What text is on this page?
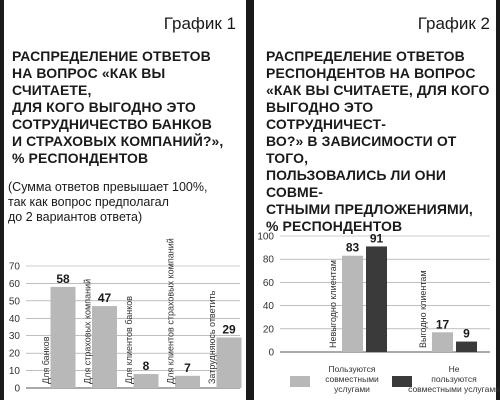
График 1
РАСПРЕДЕЛЕНИЕ ОТВЕТОВ
НА ВОПРОС «КАК ВЫ СЧИТАЕТЕ,
ДЛЯ КОГО ВЫГОДНО ЭТО
СОТРУДНИЧЕСТВО БАНКОВ
И СТРАХОВЫХ КОМПАНИЙ?»,
% РЕСПОНДЕНТОВ
(Сумма ответов превышает 100%,
так как вопрос предполагал
до 2 вариантов ответа)
0
10
20
30
40
50
60
70
58
Для банков
47
Для страховых компаний	8
Для клиентов банков	7
Для клиентов страховых компаний	29
Затрудняюсь ответить
График 2
РАСПРЕДЕЛЕНИЕ ОТВЕТОВ
РЕСПОНДЕНТОВ НА ВОПРОС
«КАК ВЫ СЧИТАЕТЕ, ДЛЯ КОГО
ВЫГОДНО ЭТО СОТРУДНИЧЕСТ-
ВО?» В ЗАВИСИМОСТИ ОТ ТОГО,
ПОЛЬЗОВАЛИСЬ ЛИ ОНИ СОВМЕ-
СТНЫМИ ПРЕДЛОЖЕНИЯМИ,
% РЕСПОНДЕНТОВ
0
20
40
60
80
100
Невыгодно клиентам
83
91
Выгодно клиентам 17
9
Пользуются совместными услугами
Не пользуются совместными услугами
